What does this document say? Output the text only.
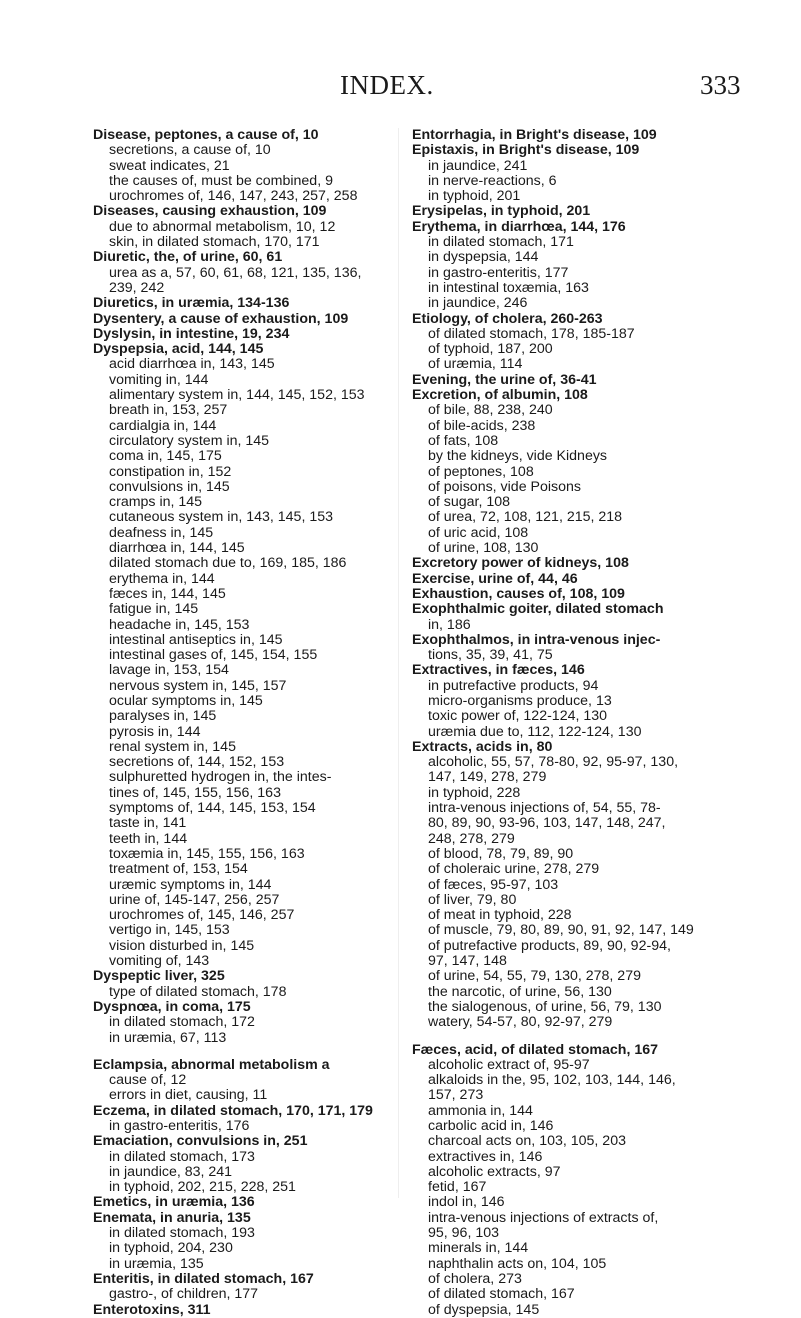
INDEX.	333

Disease, peptones, a cause of, 10

secretions, a cause of, 10

sweat indicates, 21

the causes of, must be combined, 9

urochromes of, 146, 147, 243, 257, 258

Diseases, causing exhaustion, 109

due to abnormal metabolism, 10, 12

skin, in dilated stomach, 170, 171

Diuretic, the, of urine, 60, 61

urea as a, 57, 60, 61, 68, 121, 135, 136,

239, 242

Diuretics, in uræmia, 134-136

Dysentery, a cause of exhaustion, 109

Dyslysin, in intestine, 19, 234

Dyspepsia, acid, 144, 145

acid diarrhœa in, 143, 145

vomiting in, 144

alimentary system in, 144, 145, 152, 153

breath in, 153, 257

cardialgia in, 144

circulatory system in, 145

coma in, 145, 175

constipation in, 152

convulsions in, 145

cramps in, 145

cutaneous system in, 143, 145, 153

deafness in, 145

diarrhœa in, 144, 145

dilated stomach due to, 169, 185, 186

erythema in, 144

fæces in, 144, 145

fatigue in, 145

headache in, 145, 153

intestinal antiseptics in, 145

intestinal gases of, 145, 154, 155

lavage in, 153, 154

nervous system in, 145, 157

ocular symptoms in, 145

paralyses in, 145

pyrosis in, 144

renal system in, 145

secretions of, 144, 152, 153

sulphuretted hydrogen in, the intes-

tines of, 145, 155, 156, 163

symptoms of, 144, 145, 153, 154

taste in, 141

teeth in, 144

toxæmia in, 145, 155, 156, 163

treatment of, 153, 154

uræmic symptoms in, 144

urine of, 145-147, 256, 257

urochromes of, 145, 146, 257

vertigo in, 145, 153

vision disturbed in, 145

vomiting of, 143

Dyspeptic liver, 325

type of dilated stomach, 178

Dyspnœa, in coma, 175

in dilated stomach, 172

in uræmia, 67, 113

Eclampsia, abnormal metabolism a

cause of, 12

errors in diet, causing, 11

Eczema, in dilated stomach, 170, 171, 179

in gastro-enteritis, 176

Emaciation, convulsions in, 251

in dilated stomach, 173

in jaundice, 83, 241

in typhoid, 202, 215, 228, 251

Emetics, in uræmia, 136

Enemata, in anuria, 135

in dilated stomach, 193

in typhoid, 204, 230

in uræmia, 135

Enteritis, in dilated stomach, 167

gastro-, of children, 177

Enterotoxins, 311

Entorrhagia, in Bright's disease, 109

Epistaxis, in Bright's disease, 109

in jaundice, 241

in nerve-reactions, 6

in typhoid, 201

Erysipelas, in typhoid, 201

Erythema, in diarrhœa, 144, 176

in dilated stomach, 171

in dyspepsia, 144

in gastro-enteritis, 177

in intestinal toxæmia, 163

in jaundice, 246

Etiology, of cholera, 260-263

of dilated stomach, 178, 185-187

of typhoid, 187, 200

of uræmia, 114

Evening, the urine of, 36-41

Excretion, of albumin, 108

of bile, 88, 238, 240

of bile-acids, 238

of fats, 108

by the kidneys, vide Kidneys

of peptones, 108

of poisons, vide Poisons

of sugar, 108

of urea, 72, 108, 121, 215, 218

of uric acid, 108

of urine, 108, 130

Excretory power of kidneys, 108

Exercise, urine of, 44, 46

Exhaustion, causes of, 108, 109

Exophthalmic goiter, dilated stomach

in, 186

Exophthalmos, in intra-venous injec-

tions, 35, 39, 41, 75

Extractives, in fæces, 146

in putrefactive products, 94

micro-organisms produce, 13

toxic power of, 122-124, 130

uræmia due to, 112, 122-124, 130

Extracts, acids in, 80

alcoholic, 55, 57, 78-80, 92, 95-97, 130,

147, 149, 278, 279

in typhoid, 228

intra-venous injections of, 54, 55, 78-

80, 89, 90, 93-96, 103, 147, 148, 247,

248, 278, 279

of blood, 78, 79, 89, 90

of choleraic urine, 278, 279

of fæces, 95-97, 103

of liver, 79, 80

of meat in typhoid, 228

of muscle, 79, 80, 89, 90, 91, 92, 147, 149

of putrefactive products, 89, 90, 92-94,

97, 147, 148

of urine, 54, 55, 79, 130, 278, 279

the narcotic, of urine, 56, 130

the sialogenous, of urine, 56, 79, 130

watery, 54-57, 80, 92-97, 279

Fæces, acid, of dilated stomach, 167

alcoholic extract of, 95-97

alkaloids in the, 95, 102, 103, 144, 146,

157, 273

ammonia in, 144

carbolic acid in, 146

charcoal acts on, 103, 105, 203

extractives in, 146

alcoholic extracts, 97

fetid, 167

indol in, 146

intra-venous injections of extracts of,

95, 96, 103

minerals in, 144

naphthalin acts on, 104, 105

of cholera, 273

of dilated stomach, 167

of dyspepsia, 145
